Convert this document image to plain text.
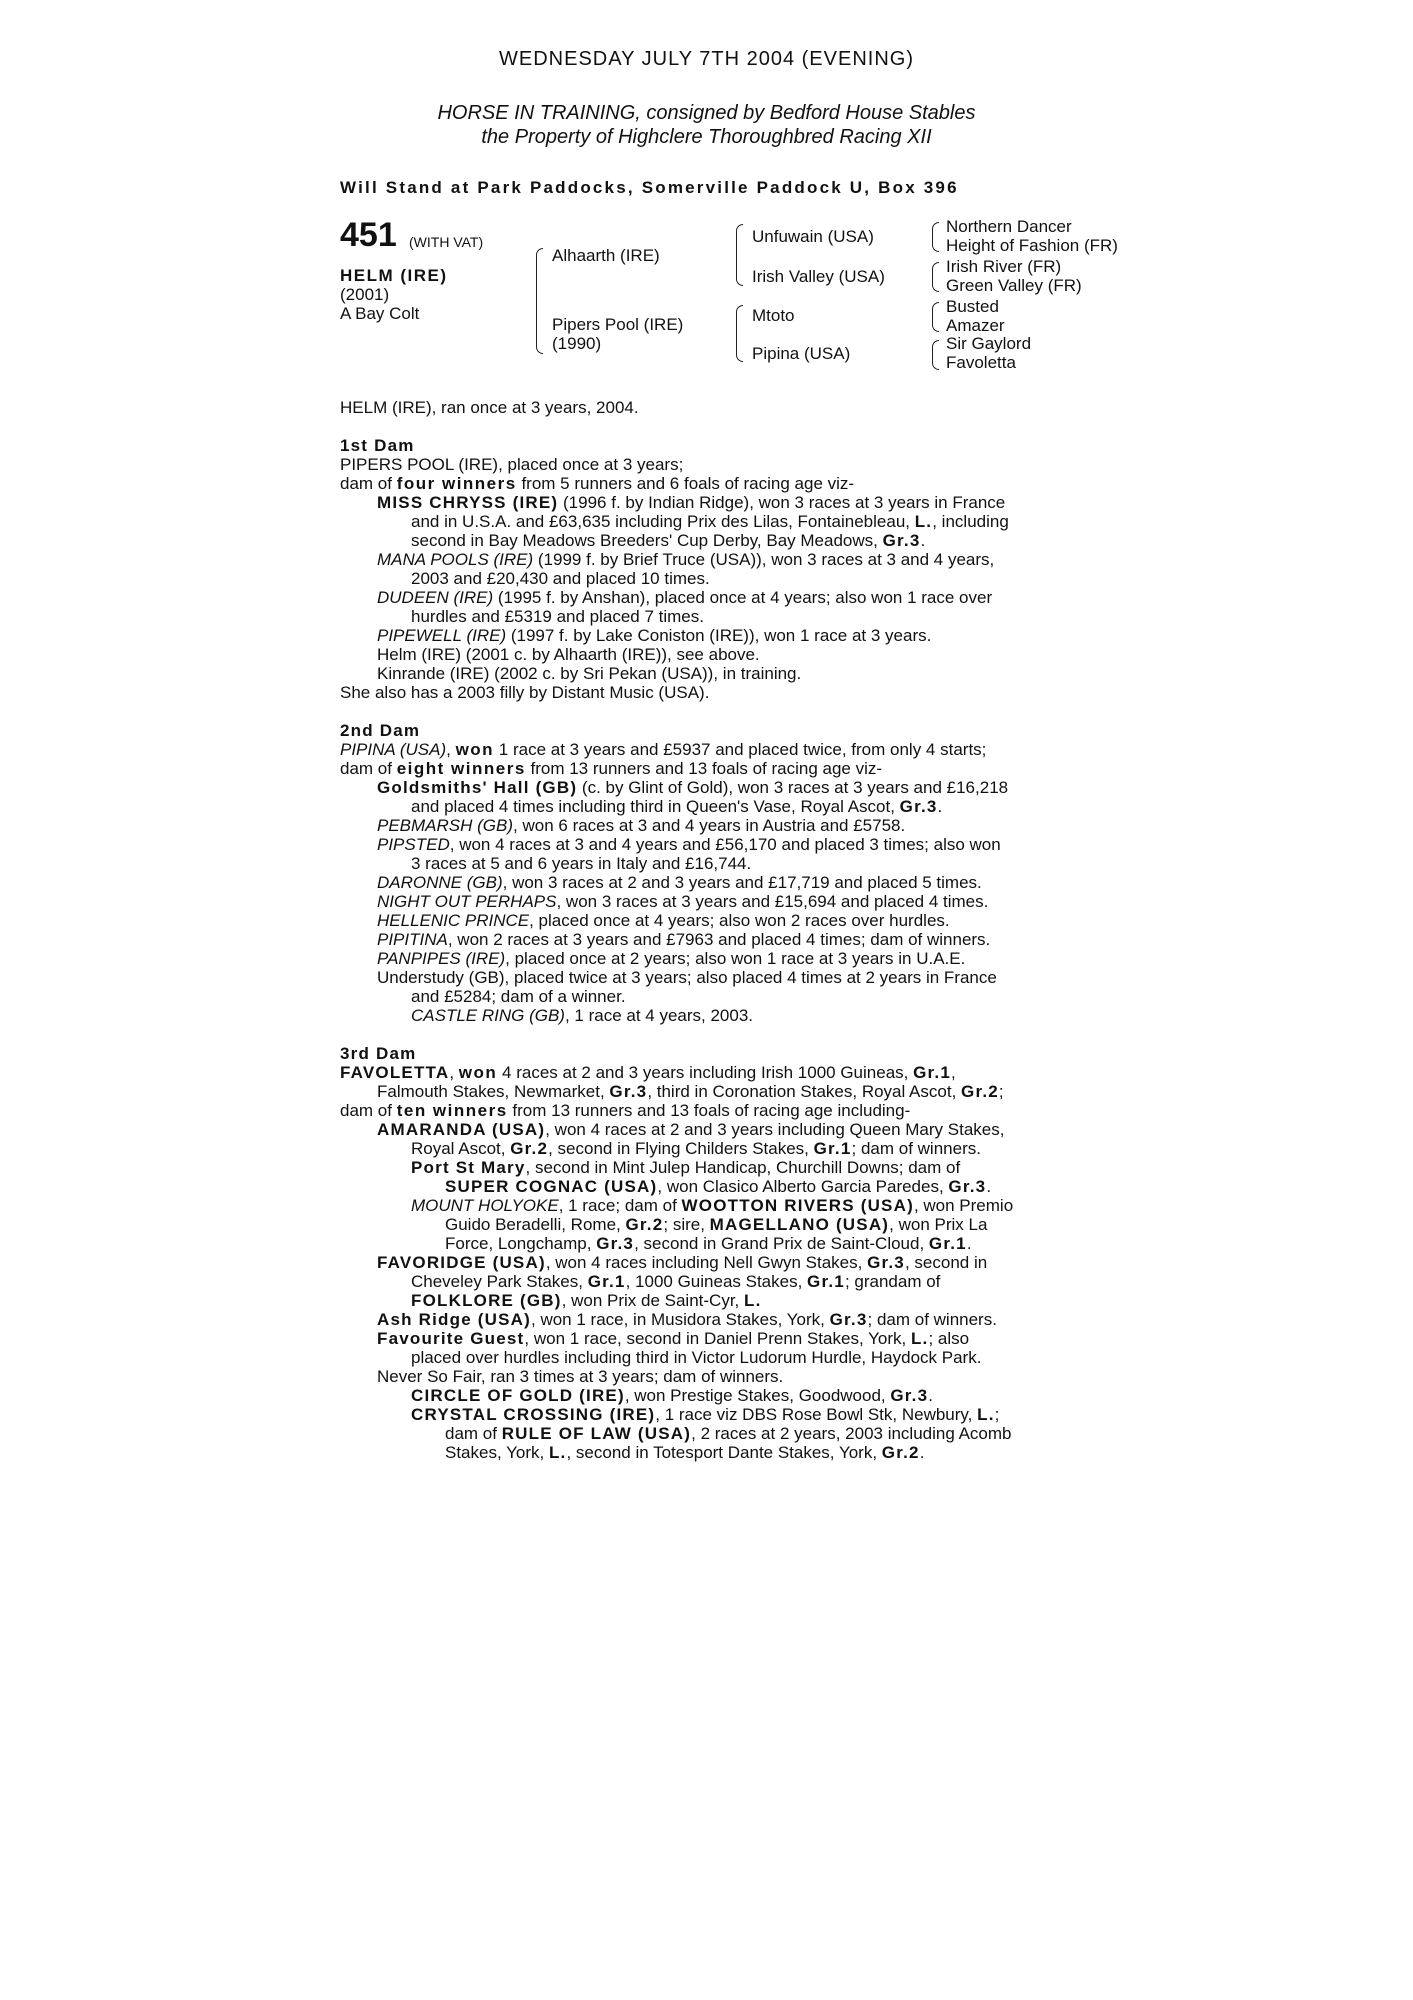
WEDNESDAY JULY 7TH 2004 (EVENING)
HORSE IN TRAINING, consigned by Bedford House Stables
the Property of Highclere Thoroughbred Racing XII
Will Stand at Park Paddocks, Somerville Paddock U, Box 396
451 (WITH VAT)
HELM (IRE)
(2001)
A Bay Colt
Alhaarth (IRE)
Pipers Pool (IRE)
(1990)
Unfuwain (USA)
Irish Valley (USA)
Mtoto
Pipina (USA)
Northern Dancer
Height of Fashion (FR)
Irish River (FR)
Green Valley (FR)
Busted
Amazer
Sir Gaylord
Favoletta
HELM (IRE), ran once at 3 years, 2004.
1st Dam
PIPERS POOL (IRE), placed once at 3 years;
dam of four winners from 5 runners and 6 foals of racing age viz-
MISS CHRYSS (IRE) (1996 f. by Indian Ridge), won 3 races at 3 years in France
and in U.S.A. and £63,635 including Prix des Lilas, Fontainebleau, L., including
second in Bay Meadows Breeders' Cup Derby, Bay Meadows, Gr.3.
MANA POOLS (IRE) (1999 f. by Brief Truce (USA)), won 3 races at 3 and 4 years,
2003 and £20,430 and placed 10 times.
DUDEEN (IRE) (1995 f. by Anshan), placed once at 4 years; also won 1 race over
hurdles and £5319 and placed 7 times.
PIPEWELL (IRE) (1997 f. by Lake Coniston (IRE)), won 1 race at 3 years.
Helm (IRE) (2001 c. by Alhaarth (IRE)), see above.
Kinrande (IRE) (2002 c. by Sri Pekan (USA)), in training.
She also has a 2003 filly by Distant Music (USA).
2nd Dam
PIPINA (USA), won 1 race at 3 years and £5937 and placed twice, from only 4 starts;
dam of eight winners from 13 runners and 13 foals of racing age viz-
Goldsmiths' Hall (GB) (c. by Glint of Gold), won 3 races at 3 years and £16,218
and placed 4 times including third in Queen's Vase, Royal Ascot, Gr.3.
PEBMARSH (GB), won 6 races at 3 and 4 years in Austria and £5758.
PIPSTED, won 4 races at 3 and 4 years and £56,170 and placed 3 times; also won
3 races at 5 and 6 years in Italy and £16,744.
DARONNE (GB), won 3 races at 2 and 3 years and £17,719 and placed 5 times.
NIGHT OUT PERHAPS, won 3 races at 3 years and £15,694 and placed 4 times.
HELLENIC PRINCE, placed once at 4 years; also won 2 races over hurdles.
PIPITINA, won 2 races at 3 years and £7963 and placed 4 times; dam of winners.
PANPIPES (IRE), placed once at 2 years; also won 1 race at 3 years in U.A.E.
Understudy (GB), placed twice at 3 years; also placed 4 times at 2 years in France
and £5284; dam of a winner.
CASTLE RING (GB), 1 race at 4 years, 2003.
3rd Dam
FAVOLETTA, won 4 races at 2 and 3 years including Irish 1000 Guineas, Gr.1,
Falmouth Stakes, Newmarket, Gr.3, third in Coronation Stakes, Royal Ascot, Gr.2;
dam of ten winners from 13 runners and 13 foals of racing age including-
AMARANDA (USA), won 4 races at 2 and 3 years including Queen Mary Stakes,
Royal Ascot, Gr.2, second in Flying Childers Stakes, Gr.1; dam of winners.
Port St Mary, second in Mint Julep Handicap, Churchill Downs; dam of
SUPER COGNAC (USA), won Clasico Alberto Garcia Paredes, Gr.3.
MOUNT HOLYOKE, 1 race; dam of WOOTTON RIVERS (USA), won Premio
Guido Beradelli, Rome, Gr.2; sire, MAGELLANO (USA), won Prix La
Force, Longchamp, Gr.3, second in Grand Prix de Saint-Cloud, Gr.1.
FAVORIDGE (USA), won 4 races including Nell Gwyn Stakes, Gr.3, second in
Cheveley Park Stakes, Gr.1, 1000 Guineas Stakes, Gr.1; grandam of
FOLKLORE (GB), won Prix de Saint-Cyr, L.
Ash Ridge (USA), won 1 race, in Musidora Stakes, York, Gr.3; dam of winners.
Favourite Guest, won 1 race, second in Daniel Prenn Stakes, York, L.; also
placed over hurdles including third in Victor Ludorum Hurdle, Haydock Park.
Never So Fair, ran 3 times at 3 years; dam of winners.
CIRCLE OF GOLD (IRE), won Prestige Stakes, Goodwood, Gr.3.
CRYSTAL CROSSING (IRE), 1 race viz DBS Rose Bowl Stk, Newbury, L.;
dam of RULE OF LAW (USA), 2 races at 2 years, 2003 including Acomb
Stakes, York, L., second in Totesport Dante Stakes, York, Gr.2.
